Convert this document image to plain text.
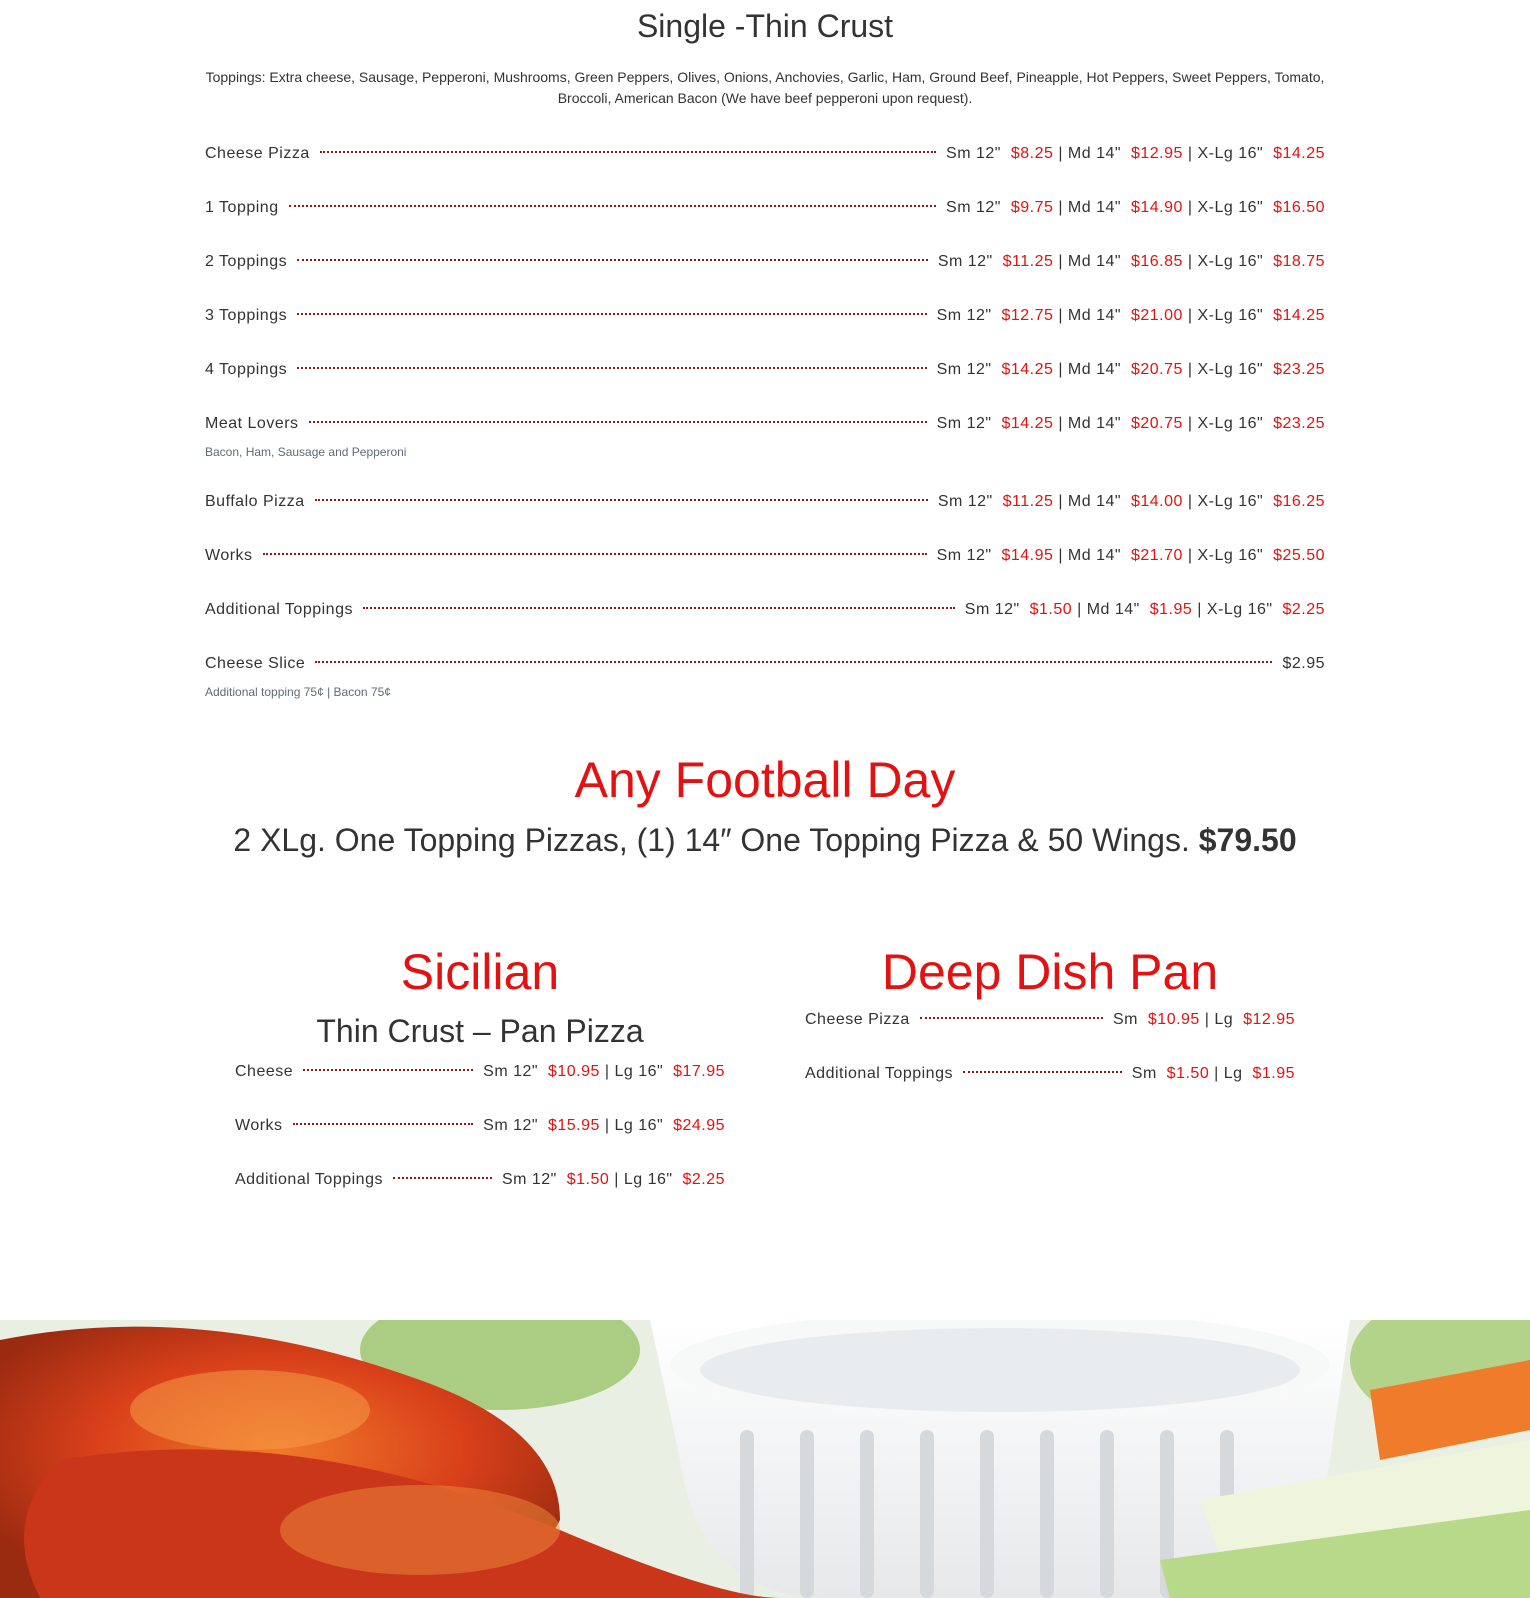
Single -Thin Crust

Toppings: Extra cheese, Sausage, Pepperoni, Mushrooms, Green Peppers, Olives, Onions, Anchovies, Garlic, Ham, Ground Beef, Pineapple, Hot Peppers, Sweet Peppers, Tomato, Broccoli, American Bacon (We have beef pepperoni upon request).

Cheese Pizza	Sm 12" $8.25 | Md 14" $12.95 | X-Lg 16" $14.25
1 Topping	Sm 12" $9.75 | Md 14" $14.90 | X-Lg 16" $16.50
2 Toppings	Sm 12" $11.25 | Md 14" $16.85 | X-Lg 16" $18.75
3 Toppings	Sm 12" $12.75 | Md 14" $21.00 | X-Lg 16" $14.25
4 Toppings	Sm 12" $14.25 | Md 14" $20.75 | X-Lg 16" $23.25
Meat Lovers	Sm 12" $14.25 | Md 14" $20.75 | X-Lg 16" $23.25
Bacon, Ham, Sausage and Pepperoni
Buffalo Pizza	Sm 12" $11.25 | Md 14" $14.00 | X-Lg 16" $16.25
Works	Sm 12" $14.95 | Md 14" $21.70 | X-Lg 16" $25.50
Additional Toppings	Sm 12" $1.50 | Md 14" $1.95 | X-Lg 16" $2.25
Cheese Slice	$2.95
Additional topping 75¢ | Bacon 75¢
Any Football Day
2 XLg. One Topping Pizzas, (1) 14″ One Topping Pizza & 50 Wings. $79.50
Sicilian
Thin Crust – Pan Pizza
Cheese	Sm 12" $10.95 | Lg 16" $17.95
Works	Sm 12" $15.95 | Lg 16" $24.95
Additional Toppings	Sm 12" $1.50 | Lg 16" $2.25
Deep Dish Pan
Cheese Pizza	Sm $10.95 | Lg $12.95
Additional Toppings	Sm $1.50 | Lg $1.95
